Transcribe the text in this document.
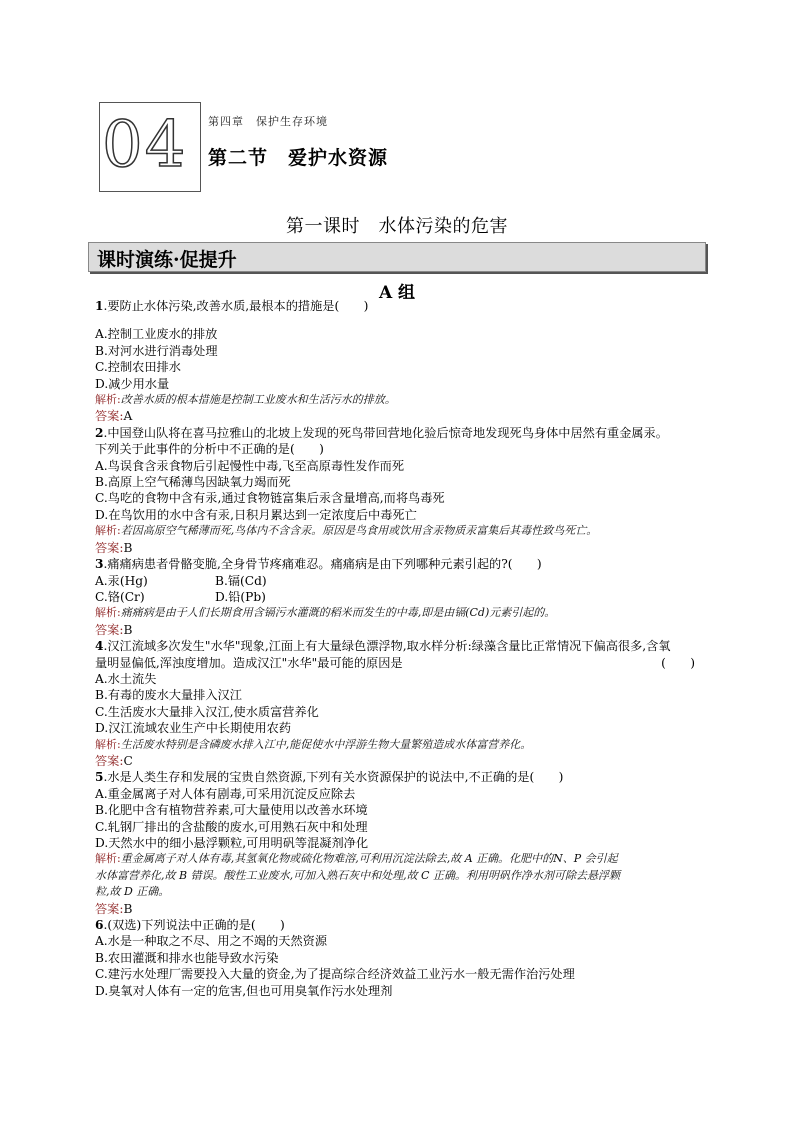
04 第四章　保护生存环境
第二节　爱护水资源
第一课时　水体污染的危害
课时演练·促提升
A 组
1.要防止水体污染,改善水质,最根本的措施是(　　)
A.控制工业废水的排放
B.对河水进行消毒处理
C.控制农田排水
D.减少用水量
解析:改善水质的根本措施是控制工业废水和生活污水的排放。
答案:A
2.中国登山队将在喜马拉雅山的北坡上发现的死鸟带回营地化验后惊奇地发现死鸟身体中居然有重金属汞。
下列关于此事件的分析中不正确的是(　　)
A.鸟误食含汞食物后引起慢性中毒,飞至高原毒性发作而死
B.高原上空气稀薄鸟因缺氧力竭而死
C.鸟吃的食物中含有汞,通过食物链富集后汞含量增高,而将鸟毒死
D.在鸟饮用的水中含有汞,日积月累达到一定浓度后中毒死亡
解析:若因高原空气稀薄而死,鸟体内不含含汞。原因是鸟食用或饮用含汞物质汞富集后其毒性致鸟死亡。
答案:B
3.痛痛病患者骨骼变脆,全身骨节疼痛难忍。痛痛病是由下列哪种元素引起的?(　　)
A.汞(Hg)	B.镉(Cd)
C.铬(Cr)	D.铅(Pb)
解析:痛痛病是由于人们长期食用含镉污水灌溉的稻米而发生的中毒,即是由镉(Cd)元素引起的。
答案:B
4.汉江流域多次发生"水华"现象,江面上有大量绿色漂浮物,取水样分析:绿藻含量比正常情况下偏高很多,含氧
量明显偏低,浑浊度增加。造成汉江"水华"最可能的原因是	(　　)
A.水土流失
B.有毒的废水大量排入汉江
C.生活废水大量排入汉江,使水质富营养化
D.汉江流域农业生产中长期使用农药
解析:生活废水特别是含磷废水排入江中,能促使水中浮游生物大量繁殖造成水体富营养化。
答案:C
5.水是人类生存和发展的宝贵自然资源,下列有关水资源保护的说法中,不正确的是(　　)
A.重金属离子对人体有剧毒,可采用沉淀反应除去
B.化肥中含有植物营养素,可大量使用以改善水环境
C.轧钢厂排出的含盐酸的废水,可用熟石灰中和处理
D.天然水中的细小悬浮颗粒,可用明矾等混凝剂净化
解析:重金属离子对人体有毒,其氢氧化物或硫化物难溶,可利用沉淀法除去,故 A 正确。化肥中的N、P 会引起
水体富营养化,故 B 错误。酸性工业废水,可加入熟石灰中和处理,故 C 正确。利用明矾作净水剂可除去悬浮颗
粒,故 D 正确。
答案:B
6.(双选)下列说法中正确的是(　　)
A.水是一种取之不尽、用之不竭的天然资源
B.农田灌溉和排水也能导致水污染
C.建污水处理厂需要投入大量的资金,为了提高综合经济效益工业污水一般无需作治污处理
D.臭氧对人体有一定的危害,但也可用臭氧作污水处理剂
